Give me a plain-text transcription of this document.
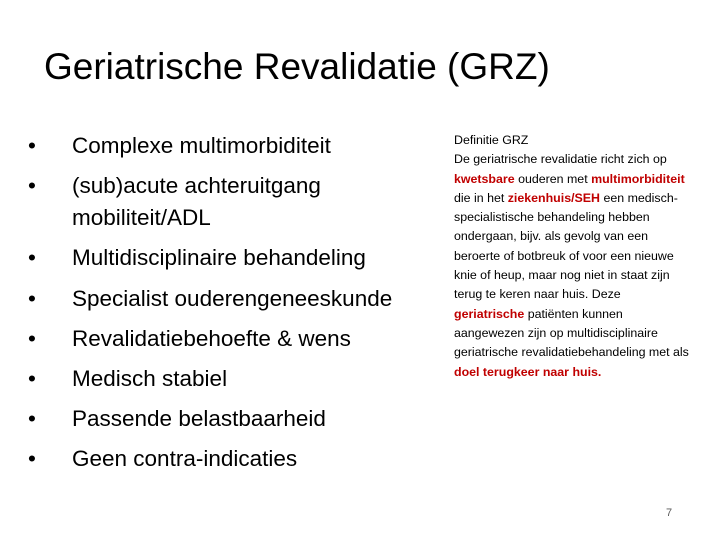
Geriatrische Revalidatie (GRZ)
•	Complexe multimorbiditeit
•	(sub)acute achteruitgang mobiliteit/ADL
•	Multidisciplinaire behandeling
•	Specialist ouderengeneeskunde
•	Revalidatiebehoefte & wens
•	Medisch stabiel
•	Passende belastbaarheid
•	Geen contra-indicaties
Definitie GRZ
De geriatrische revalidatie richt zich op kwetsbare ouderen met multimorbiditeit die in het ziekenhuis/SEH een medisch-specialistische behandeling hebben ondergaan, bijv. als gevolg van een beroerte of botbreuk of voor een nieuwe knie of heup, maar nog niet in staat zijn terug te keren naar huis. Deze geriatrische patiënten kunnen aangewezen zijn op multidisciplinaire geriatrische revalidatiebehandeling met als doel terugkeer naar huis.
7
